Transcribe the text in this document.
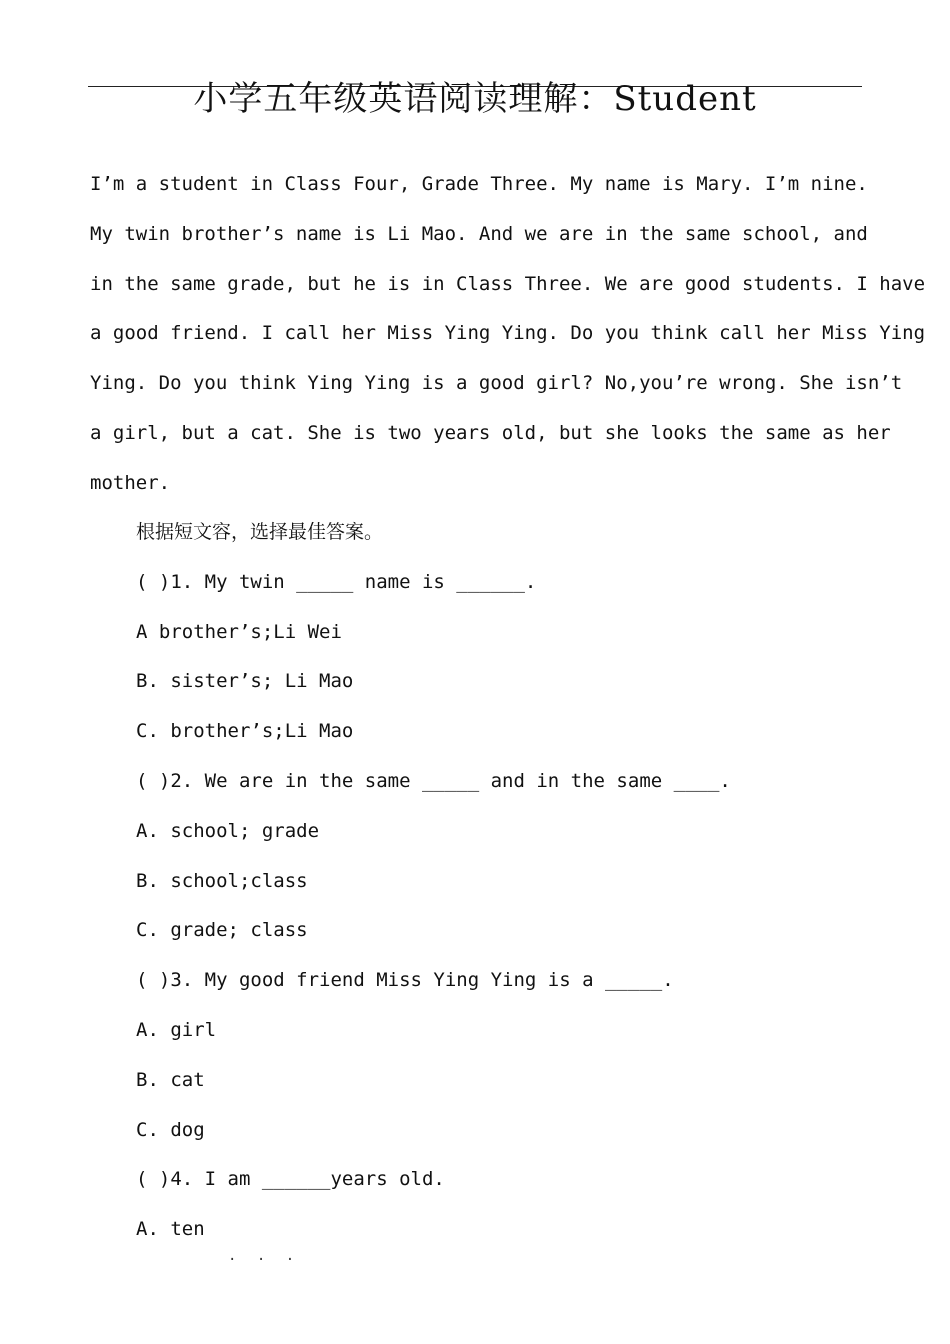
小学五年级英语阅读理解：Student
I’m a student in Class Four, Grade Three. My name is Mary. I’m nine.
My twin brother’s name is Li Mao. And we are in the same school, and
in the same grade, but he is in Class Three. We are good students. I have
a good friend. I call her Miss Ying Ying. Do you think call her Miss Ying
Ying. Do you think Ying Ying is a good girl? No,you’re wrong. She isn’t
a girl, but a cat. She is two years old, but she looks the same as her
mother.
根据短文容，选择最佳答案。
( )1. My twin _____ name is ______.
A brother’s;Li Wei
B. sister’s; Li Mao
C. brother’s;Li Mao
( )2. We are in the same _____ and in the same ____.
A. school; grade
B. school;class
C. grade; class
( )3. My good friend Miss Ying Ying is a _____.
A. girl
B. cat
C. dog
( )4. I am ______years old.
A. ten
· · ·
